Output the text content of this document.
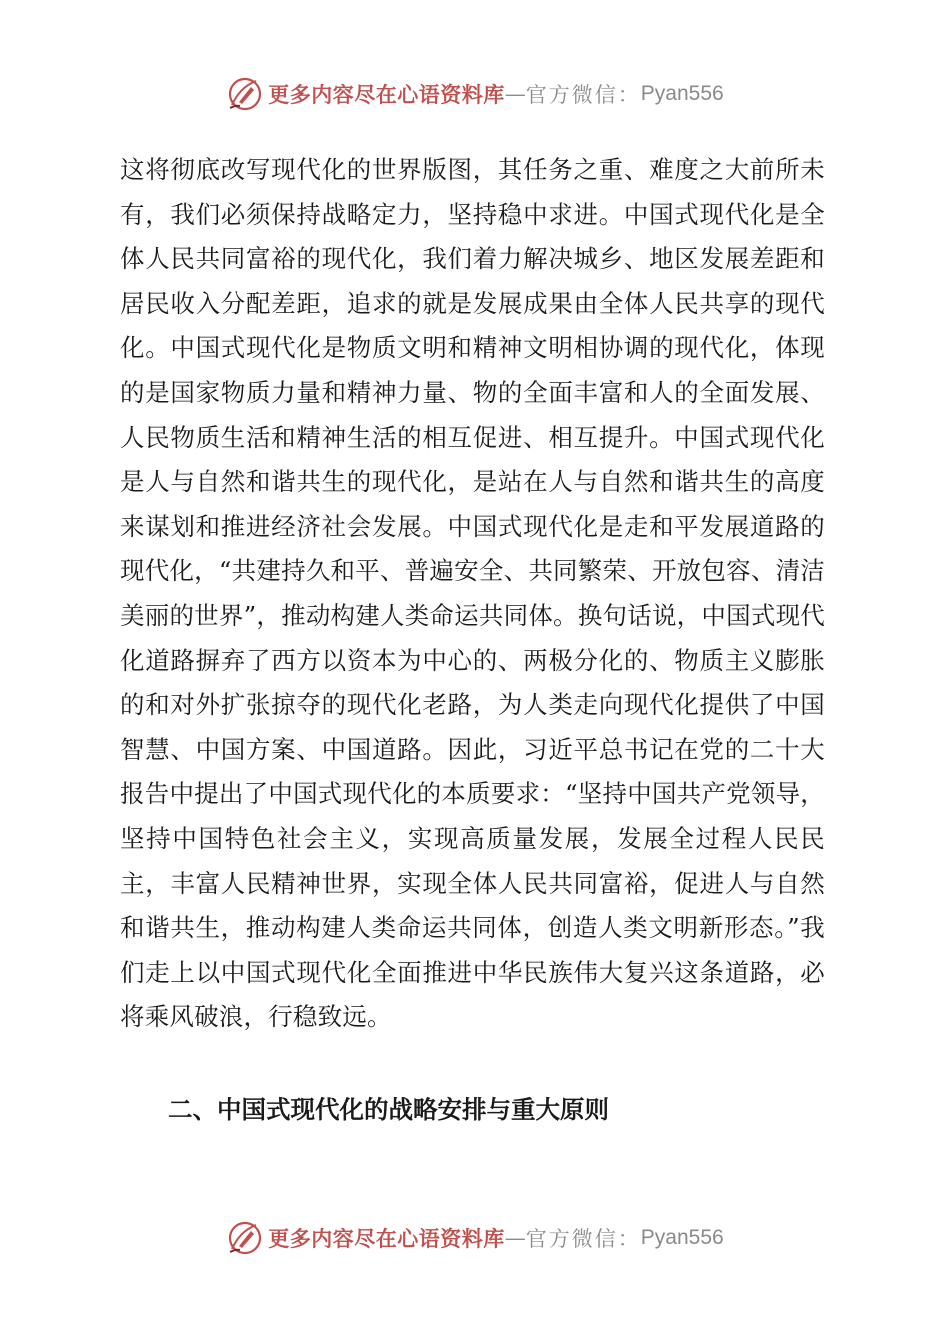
更多内容尽在心语资料库 — 官方微信： Pyan556

这将彻底改写现代化的世界版图，其任务之重、难度之大前所未有，我们必须保持战略定力，坚持稳中求进。中国式现代化是全体人民共同富裕的现代化，我们着力解决城乡、地区发展差距和居民收入分配差距，追求的就是发展成果由全体人民共享的现代化。中国式现代化是物质文明和精神文明相协调的现代化，体现的是国家物质力量和精神力量、物的全面丰富和人的全面发展、人民物质生活和精神生活的相互促进、相互提升。中国式现代化是人与自然和谐共生的现代化，是站在人与自然和谐共生的高度来谋划和推进经济社会发展。中国式现代化是走和平发展道路的现代化，“共建持久和平、普遍安全、共同繁荣、开放包容、清洁美丽的世界”，推动构建人类命运共同体。换句话说，中国式现代化道路摒弃了西方以资本为中心的、两极分化的、物质主义膨胀的和对外扩张掠夺的现代化老路，为人类走向现代化提供了中国智慧、中国方案、中国道路。因此，习近平总书记在党的二十大报告中提出了中国式现代化的本质要求：“坚持中国共产党领导，坚持中国特色社会主义，实现高质量发展，发展全过程人民民主，丰富人民精神世界，实现全体人民共同富裕，促进人与自然和谐共生，推动构建人类命运共同体，创造人类文明新形态。”我们走上以中国式现代化全面推进中华民族伟大复兴这条道路，必将乘风破浪，行稳致远。

二、中国式现代化的战略安排与重大原则

更多内容尽在心语资料库 — 官方微信： Pyan556
